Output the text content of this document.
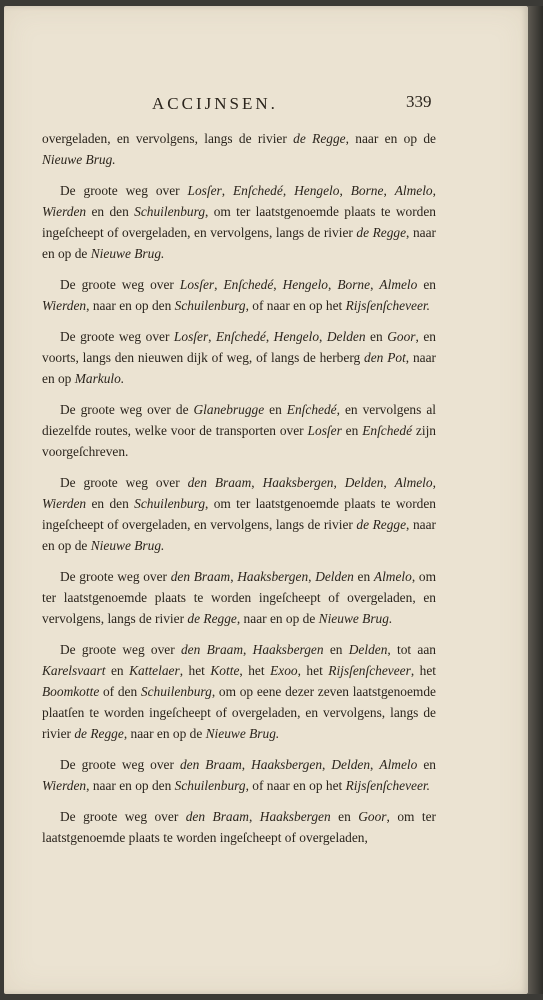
ACCIJNSEN.	339

overgeladen, en vervolgens, langs de rivier de Regge, naar en op de Nieuwe Brug.

De groote weg over Losſer, Enſchedé, Hengelo, Borne, Almelo, Wierden en den Schuilenburg, om ter laatstgenoemde plaats te worden ingeſcheept of overgeladen, en vervolgens, langs de rivier de Regge, naar en op de Nieuwe Brug.

De groote weg over Losſer, Enſchedé, Hengelo, Borne, Almelo en Wierden, naar en op den Schuilenburg, of naar en op het Rijsſenſcheveer.

De groote weg over Losſer, Enſchedé, Hengelo, Delden en Goor, en voorts, langs den nieuwen dijk of weg, of langs de herberg den Pot, naar en op Markulo.

De groote weg over de Glanebrugge en Enſchedé, en vervolgens al diezelfde routes, welke voor de transporten over Losſer en Enſchedé zijn voorgeſchreven.

De groote weg over den Braam, Haaksbergen, Delden, Almelo, Wierden en den Schuilenburg, om ter laatstgenoemde plaats te worden ingeſcheept of overgeladen, en vervolgens, langs de rivier de Regge, naar en op de Nieuwe Brug.

De groote weg over den Braam, Haaksbergen, Delden en Almelo, om ter laatstgenoemde plaats te worden ingeſcheept of overgeladen, en vervolgens, langs de rivier de Regge, naar en op de Nieuwe Brug.

De groote weg over den Braam, Haaksbergen en Delden, tot aan Karelsvaart en Kattelaer, het Kotte, het Exoo, het Rijsſenſcheveer, het Boomkotte of den Schuilenburg, om op eene dezer zeven laatstgenoemde plaatſen te worden ingeſcheept of overgeladen, en vervolgens, langs de rivier de Regge, naar en op de Nieuwe Brug.

De groote weg over den Braam, Haaksbergen, Delden, Almelo en Wierden, naar en op den Schuilenburg, of naar en op het Rijsſenſcheveer.

De groote weg over den Braam, Haaksbergen en Goor, om ter laatstgenoemde plaats te worden ingeſcheept of overgeladen,
